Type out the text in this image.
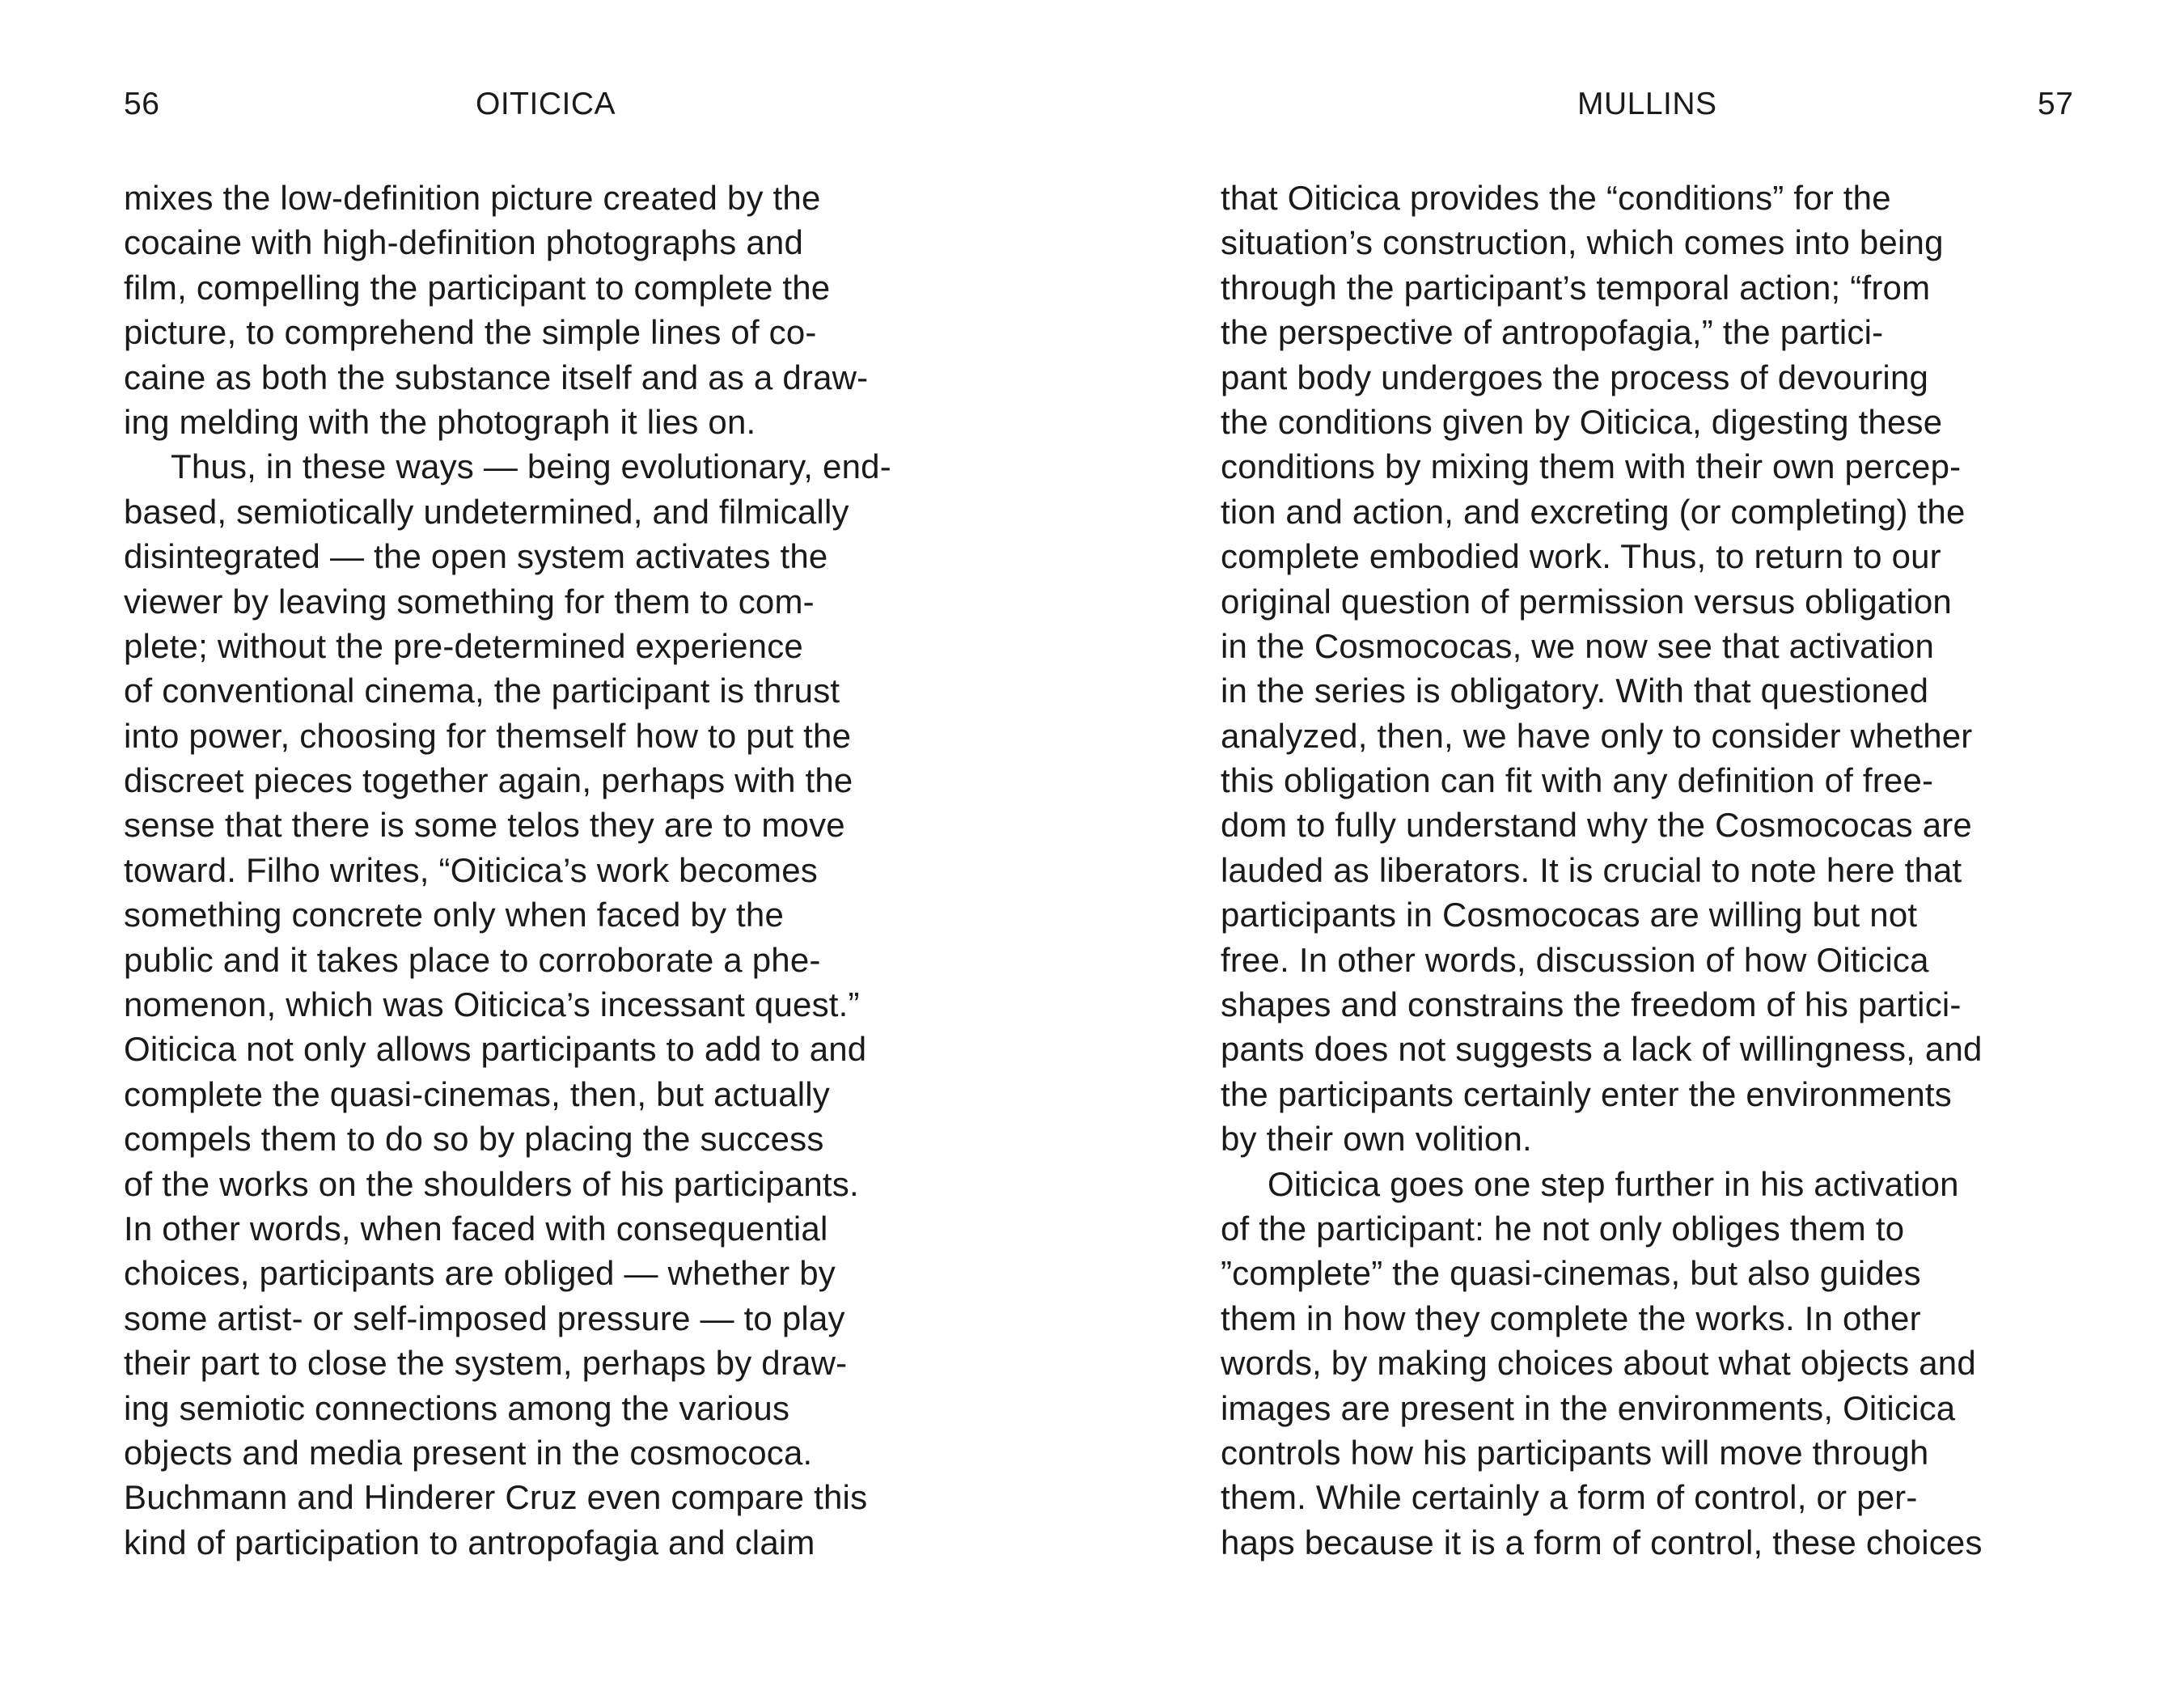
56	OITICICA
mixes the low-definition picture created by the
cocaine with high-definition photographs and
film, compelling the participant to complete the
picture, to comprehend the simple lines of co-
caine as both the substance itself and as a draw-
ing melding with the photograph it lies on.
Thus, in these ways — being evolutionary, end-
based, semiotically undetermined, and filmically
disintegrated — the open system activates the
viewer by leaving something for them to com-
plete; without the pre-determined experience
of conventional cinema, the participant is thrust
into power, choosing for themself how to put the
discreet pieces together again, perhaps with the
sense that there is some telos they are to move
toward. Filho writes, “Oiticica’s work becomes
something concrete only when faced by the
public and it takes place to corroborate a phe-
nomenon, which was Oiticica’s incessant quest.”
Oiticica not only allows participants to add to and
complete the quasi-cinemas, then, but actually
compels them to do so by placing the success
of the works on the shoulders of his participants.
In other words, when faced with consequential
choices, participants are obliged — whether by
some artist- or self-imposed pressure — to play
their part to close the system, perhaps by draw-
ing semiotic connections among the various
objects and media present in the cosmococa.
Buchmann and Hinderer Cruz even compare this
kind of participation to antropofagia and claim
MULLINS	57
that Oiticica provides the “conditions” for the
situation’s construction, which comes into being
through the participant’s temporal action; “from
the perspective of antropofagia,” the partici-
pant body undergoes the process of devouring
the conditions given by Oiticica, digesting these
conditions by mixing them with their own percep-
tion and action, and excreting (or completing) the
complete embodied work. Thus, to return to our
original question of permission versus obligation
in the Cosmococas, we now see that activation
in the series is obligatory. With that questioned
analyzed, then, we have only to consider whether
this obligation can fit with any definition of free-
dom to fully understand why the Cosmococas are
lauded as liberators. It is crucial to note here that
participants in Cosmococas are willing but not
free. In other words, discussion of how Oiticica
shapes and constrains the freedom of his partici-
pants does not suggests a lack of willingness, and
the participants certainly enter the environments
by their own volition.
Oiticica goes one step further in his activation
of the participant: he not only obliges them to
”complete” the quasi-cinemas, but also guides
them in how they complete the works. In other
words, by making choices about what objects and
images are present in the environments, Oiticica
controls how his participants will move through
them. While certainly a form of control, or per-
haps because it is a form of control, these choices
